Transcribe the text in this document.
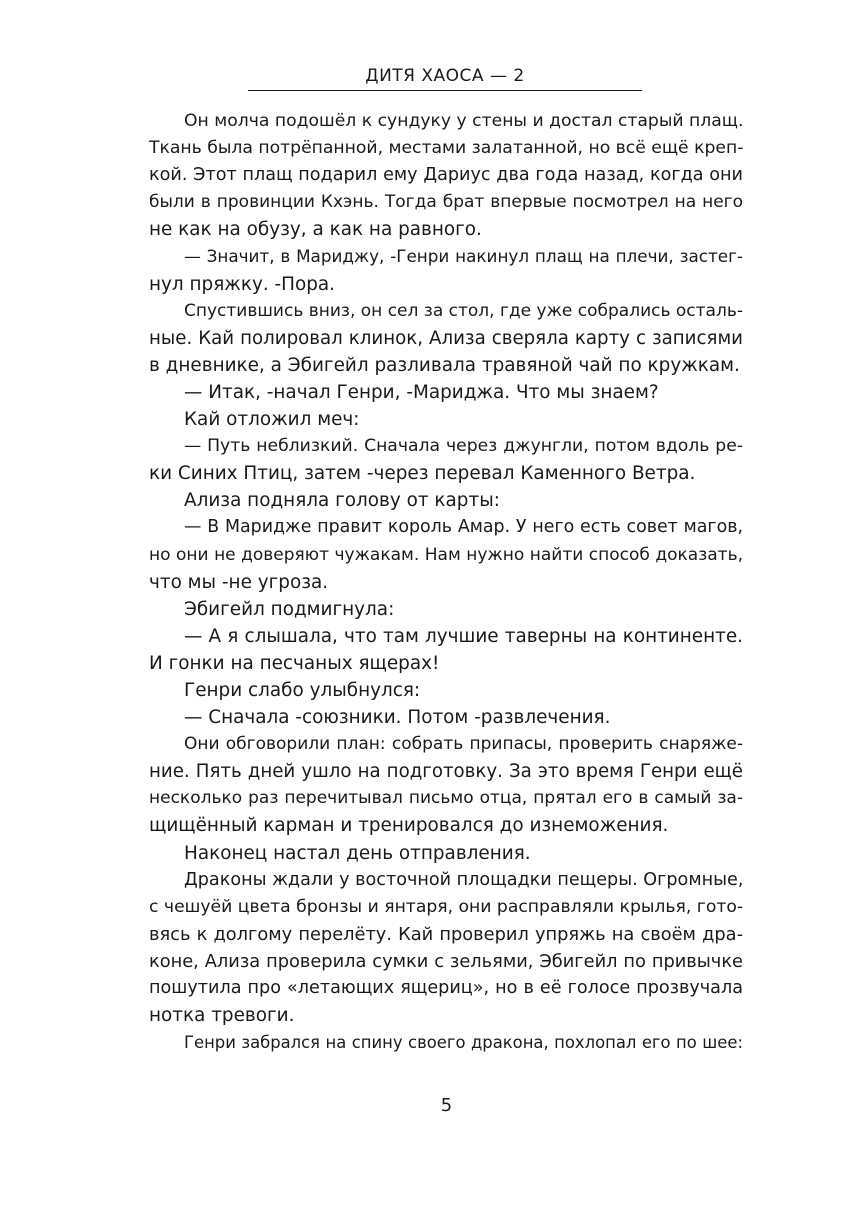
ДИТЯ ХАОСА — 2
Он молча подошёл к сундуку у стены и достал старый плащ.
Ткань была потрёпанной, местами залатанной, но всё ещё креп-
кой. Этот плащ подарил ему Дариус два года назад, когда они
были в провинции Кхэнь. Тогда брат впервые посмотрел на него
не как на обузу, а как на равного.
— Значит, в Мариджу, -Генри накинул плащ на плечи, застег-
нул пряжку. -Пора.
Спустившись вниз, он сел за стол, где уже собрались осталь-
ные. Кай полировал клинок, Ализа сверяла карту с записями
в дневнике, а Эбигейл разливала травяной чай по кружкам.
— Итак, -начал Генри, -Мариджа. Что мы знаем?
Кай отложил меч:
— Путь неблизкий. Сначала через джунгли, потом вдоль ре-
ки Синих Птиц, затем -через перевал Каменного Ветра.
Ализа подняла голову от карты:
— В Маридже правит король Амар. У него есть совет магов,
но они не доверяют чужакам. Нам нужно найти способ доказать,
что мы -не угроза.
Эбигейл подмигнула:
— А я слышала, что там лучшие таверны на континенте.
И гонки на песчаных ящерах!
Генри слабо улыбнулся:
— Сначала -союзники. Потом -развлечения.
Они обговорили план: собрать припасы, проверить снаряже-
ние. Пять дней ушло на подготовку. За это время Генри ещё
несколько раз перечитывал письмо отца, прятал его в самый за-
щищённый карман и тренировался до изнеможения.
Наконец настал день отправления.
Драконы ждали у восточной площадки пещеры. Огромные,
с чешуёй цвета бронзы и янтаря, они расправляли крылья, гото-
вясь к долгому перелёту. Кай проверил упряжь на своём дра-
коне, Ализа проверила сумки с зельями, Эбигейл по привычке
пошутила про «летающих ящериц», но в её голосе прозвучала
нотка тревоги.
Генри забрался на спину своего дракона, похлопал его по шее:
5
